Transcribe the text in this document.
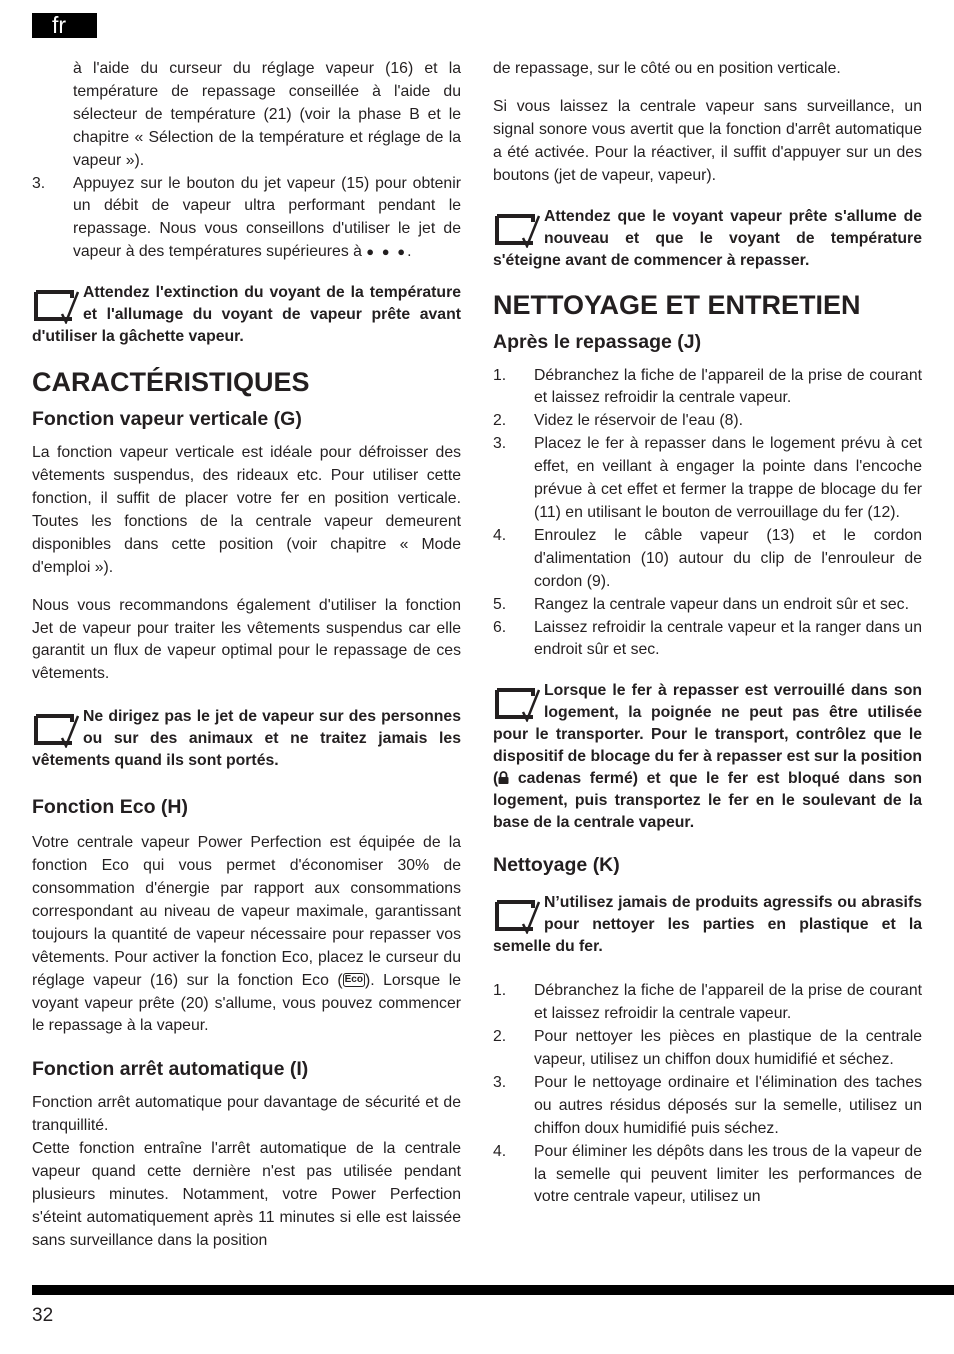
fr

à l'aide du curseur du réglage vapeur (16) et la température de repassage conseillée à l'aide du sélecteur de température (21) (voir la phase B et le chapitre « Sélection de la température et réglage de la vapeur »).

3.	Appuyez sur le bouton du jet vapeur (15) pour obtenir un débit de vapeur ultra performant pendant le repassage. Nous vous conseillons d'utiliser le jet de vapeur à des températures supérieures à ● ● ●.

Attendez l'extinction du voyant de la température et l'allumage du voyant de vapeur prête avant d'utiliser la gâchette vapeur.

CARACTÉRISTIQUES
Fonction vapeur verticale (G)

La fonction vapeur verticale est idéale pour défroisser des vêtements suspendus, des rideaux etc. Pour utiliser cette fonction, il suffit de placer votre fer en position verticale. Toutes les fonctions de la centrale vapeur demeurent disponibles dans cette position (voir chapitre « Mode d'emploi »).

Nous vous recommandons également d'utiliser la fonction Jet de vapeur pour traiter les vêtements suspendus car elle garantit un flux de vapeur optimal pour le repassage de ces vêtements.

Ne dirigez pas le jet de vapeur sur des personnes ou sur des animaux et ne traitez jamais les vêtements quand ils sont portés.

Fonction Eco (H)

Votre centrale vapeur Power Perfection est équipée de la fonction Eco qui vous permet d'économiser 30% de consommation d'énergie par rapport aux consommations correspondant au niveau de vapeur maximale, garantissant toujours la quantité de vapeur nécessaire pour repasser vos vêtements. Pour activer la fonction Eco, placez le curseur du réglage vapeur (16) sur la fonction Eco ( Eco ). Lorsque le voyant vapeur prête (20) s'allume, vous pouvez commencer le repassage à la vapeur.

Fonction arrêt automatique (I)

Fonction arrêt automatique pour davantage de sécurité et de tranquillité.

Cette fonction entraîne l'arrêt automatique de la centrale vapeur quand cette dernière n'est pas utilisée pendant plusieurs minutes. Notamment, votre Power Perfection s'éteint automatiquement après 11 minutes si elle est laissée sans surveillance dans la position

de repassage, sur le côté ou en position verticale.

Si vous laissez la centrale vapeur sans surveillance, un signal sonore vous avertit que la fonction d'arrêt automatique a été activée. Pour la réactiver, il suffit d'appuyer sur un des boutons (jet de vapeur, vapeur).

Attendez que le voyant vapeur prête s'allume de nouveau et que le voyant de température s'éteigne avant de commencer à repasser.

NETTOYAGE ET ENTRETIEN
Après le repassage (J)
1.	Débranchez la fiche de l'appareil de la prise de courant et laissez refroidir la centrale vapeur.
2.	Videz le réservoir de l'eau (8).
3.	Placez le fer à repasser dans le logement prévu à cet effet, en veillant à engager la pointe dans l'encoche prévue à cet effet et fermer la trappe de blocage du fer (11) en utilisant le bouton de verrouillage du fer (12).
4.	Enroulez le câble vapeur (13) et le cordon d'alimentation (10) autour du clip de l'enrouleur de cordon (9).
5.	Rangez la centrale vapeur dans un endroit sûr et sec.
6.	Laissez refroidir la centrale vapeur et la ranger dans un endroit sûr et sec.

Lorsque le fer à repasser est verrouillé dans son logement, la poignée ne peut pas être utilisée pour le transporter. Pour le transport, contrôlez que le dispositif de blocage du fer à repasser est sur la position ( cadenas fermé) et que le fer est bloqué dans son logement, puis transportez le fer en le soulevant de la base de la centrale vapeur.

Nettoyage (K)

N’utilisez jamais de produits agressifs ou abrasifs pour nettoyer les parties en plastique et la semelle du fer.

1.	Débranchez la fiche de l'appareil de la prise de courant et laissez refroidir la centrale vapeur.
2.	Pour nettoyer les pièces en plastique de la centrale vapeur, utilisez un chiffon doux humidifié et séchez.
3.	Pour le nettoyage ordinaire et l'élimination des taches ou autres résidus déposés sur la semelle, utilisez un chiffon doux humidifié puis séchez.
4.	Pour éliminer les dépôts dans les trous de la vapeur de la semelle qui peuvent limiter les performances de votre centrale vapeur, utilisez un
32
